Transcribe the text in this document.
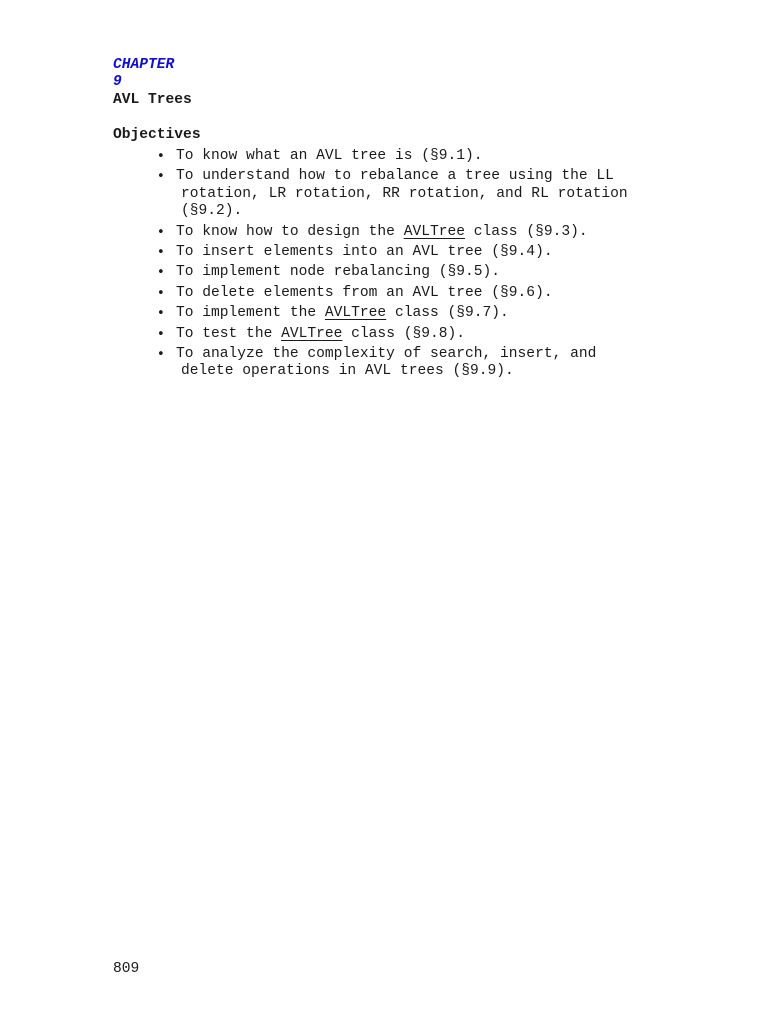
CHAPTER
9
AVL Trees
Objectives
• To know what an AVL tree is (§9.1).
• To understand how to rebalance a tree using the LL
rotation, LR rotation, RR rotation, and RL rotation
(§9.2).
• To know how to design the AVLTree class (§9.3).
• To insert elements into an AVL tree (§9.4).
• To implement node rebalancing (§9.5).
• To delete elements from an AVL tree (§9.6).
• To implement the AVLTree class (§9.7).
• To test the AVLTree class (§9.8).
• To analyze the complexity of search, insert, and
delete operations in AVL trees (§9.9).
809
